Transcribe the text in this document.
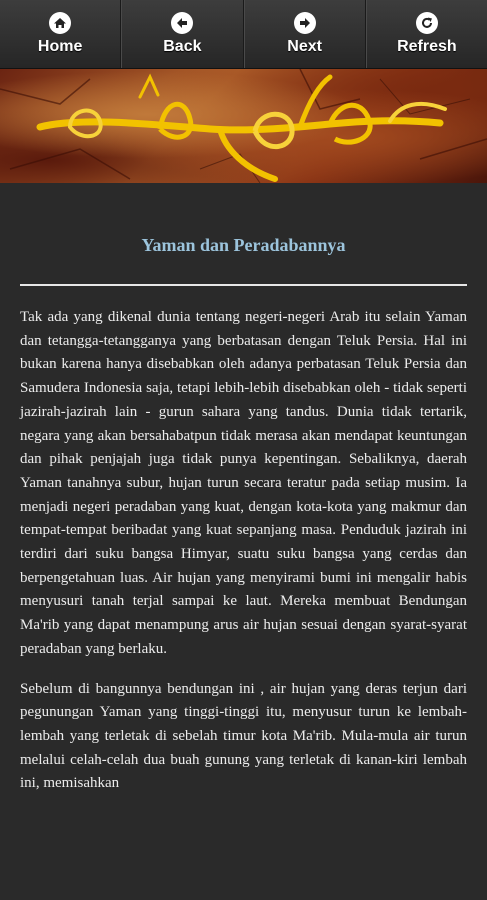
Home	Back	Next	Refresh
Yaman dan Peradabannya

Tak ada yang dikenal dunia tentang negeri-negeri Arab itu selain Yaman dan tetangga-tetangganya yang berbatasan dengan Teluk Persia. Hal ini bukan karena hanya disebabkan oleh adanya perbatasan Teluk Persia dan Samudera Indonesia saja, tetapi lebih-lebih disebabkan oleh - tidak seperti jazirah-jazirah lain - gurun sahara yang tandus. Dunia tidak tertarik, negara yang akan bersahabatpun tidak merasa akan mendapat keuntungan dan pihak penjajah juga tidak punya kepentingan. Sebaliknya, daerah Yaman tanahnya subur, hujan turun secara teratur pada setiap musim. Ia menjadi negeri peradaban yang kuat, dengan kota-kota yang makmur dan tempat-tempat beribadat yang kuat sepanjang masa. Penduduk jazirah ini terdiri dari suku bangsa Himyar, suatu suku bangsa yang cerdas dan berpengetahuan luas. Air hujan yang menyirami bumi ini mengalir habis menyusuri tanah terjal sampai ke laut. Mereka membuat Bendungan Ma'rib yang dapat menampung arus air hujan sesuai dengan syarat-syarat peradaban yang berlaku.

Sebelum di bangunnya bendungan ini , air hujan yang deras terjun dari pegunungan Yaman yang tinggi-tinggi itu, menyusur turun ke lembah-lembah yang terletak di sebelah timur kota Ma'rib. Mula-mula air turun melalui celah-celah dua buah gunung yang terletak di kanan-kiri lembah ini, memisahkan
